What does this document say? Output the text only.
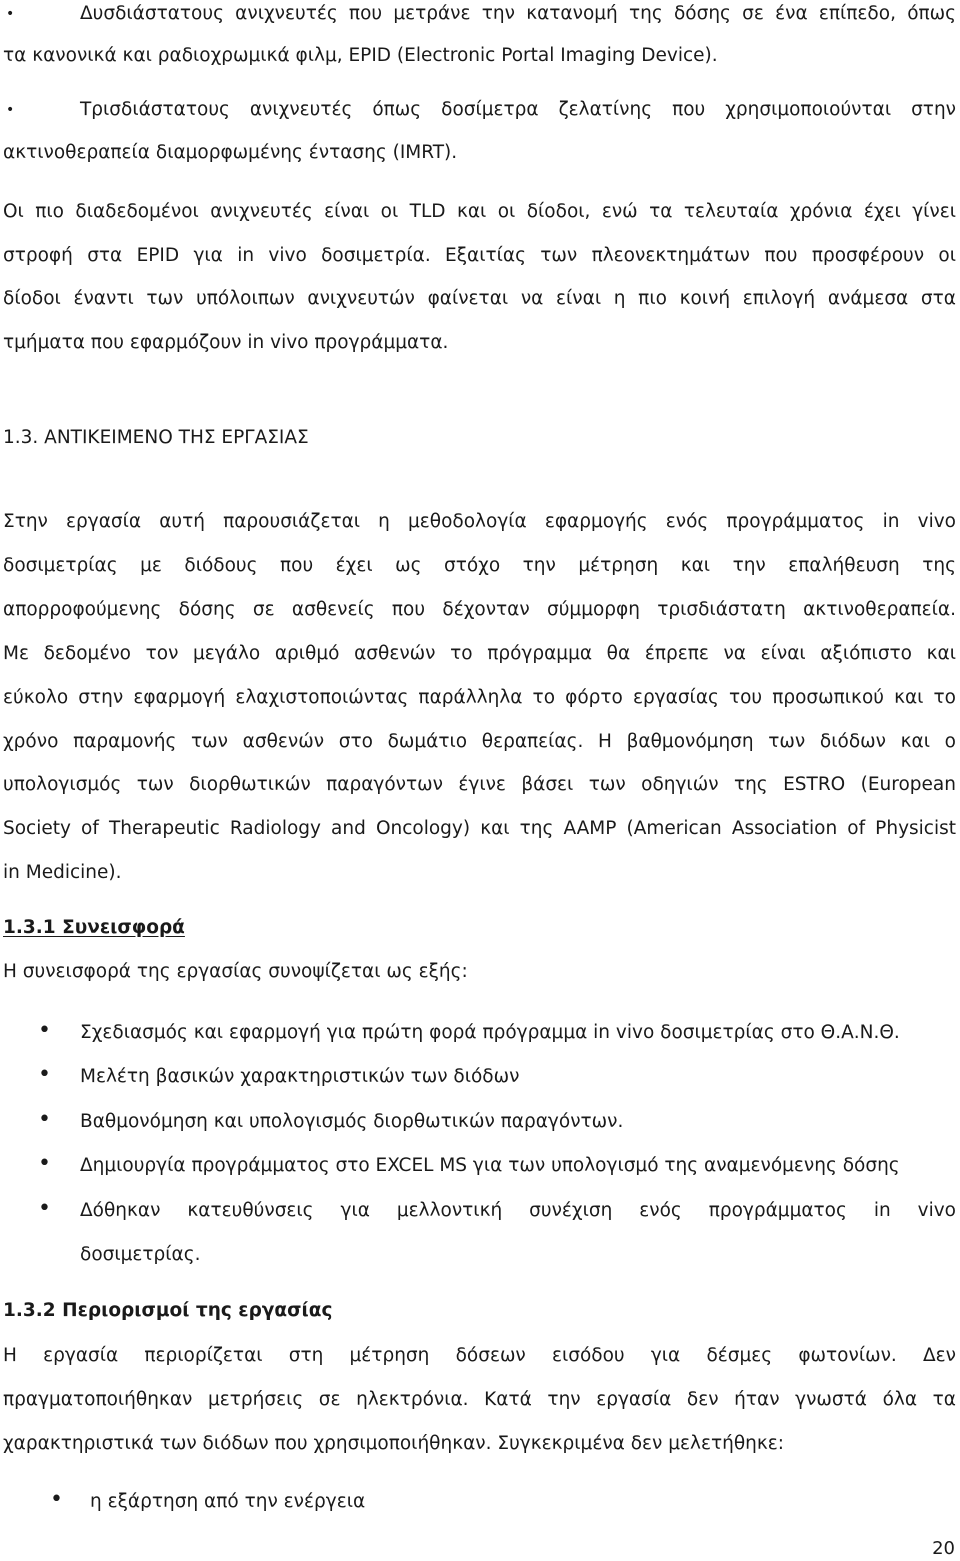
•	Δυσδιάστατους ανιχνευτές που μετράνε την κατανομή της δόσης σε ένα επίπεδο, όπως
τα κανονικά και ραδιοχρωμικά φιλμ, EPID (Electronic Portal Imaging Device).
•	Τρισδιάστατους ανιχνευτές όπως δοσίμετρα ζελατίνης που χρησιμοποιούνται στην
ακτινοθεραπεία διαμορφωμένης έντασης (IMRT).
Οι πιο διαδεδομένοι ανιχνευτές είναι οι TLD και οι δίοδοι, ενώ τα τελευταία χρόνια έχει γίνει
στροφή στα EPID για in vivo δοσιμετρία. Εξαιτίας των πλεονεκτημάτων που προσφέρουν οι
δίοδοι έναντι των υπόλοιπων ανιχνευτών φαίνεται να είναι η πιο κοινή επιλογή ανάμεσα στα
τμήματα που εφαρμόζουν in vivo προγράμματα.
1.3. ΑΝΤΙΚΕΙΜΕΝΟ ΤΗΣ ΕΡΓΑΣΙΑΣ
Στην εργασία αυτή παρουσιάζεται η μεθοδολογία εφαρμογής ενός προγράμματος in vivo
δοσιμετρίας με διόδους που έχει ως στόχο την μέτρηση και την επαλήθευση της
απορροφούμενης δόσης σε ασθενείς που δέχονταν σύμμορφη τρισδιάστατη ακτινοθεραπεία.
Με δεδομένο τον μεγάλο αριθμό ασθενών το πρόγραμμα θα έπρεπε να είναι αξιόπιστο και
εύκολο στην εφαρμογή ελαχιστοποιώντας παράλληλα το φόρτο εργασίας του προσωπικού και το
χρόνο παραμονής των ασθενών στο δωμάτιο θεραπείας. Η βαθμονόμηση των διόδων και ο
υπολογισμός των διορθωτικών παραγόντων έγινε βάσει των οδηγιών της ESTRO (European
Society of Therapeutic Radiology and Oncology) και της AAMP (American Association of Physicist
in Medicine).
1.3.1 Συνεισφορά
Η συνεισφορά της εργασίας συνοψίζεται ως εξής:
• Σχεδιασμός και εφαρμογή για πρώτη φορά πρόγραμμα in vivo δοσιμετρίας στο Θ.Α.Ν.Θ.
• Μελέτη βασικών χαρακτηριστικών των διόδων
• Βαθμονόμηση και υπολογισμός διορθωτικών παραγόντων.
• Δημιουργία προγράμματος στο EXCEL MS για των υπολογισμό της αναμενόμενης δόσης
• Δόθηκαν κατευθύνσεις για μελλοντική συνέχιση ενός προγράμματος in vivo
δοσιμετρίας.
1.3.2 Περιορισμοί της εργασίας
Η εργασία περιορίζεται στη μέτρηση δόσεων εισόδου για δέσμες φωτονίων. Δεν
πραγματοποιήθηκαν μετρήσεις σε ηλεκτρόνια. Κατά την εργασία δεν ήταν γνωστά όλα τα
χαρακτηριστικά των διόδων που χρησιμοποιήθηκαν. Συγκεκριμένα δεν μελετήθηκε:
• η εξάρτηση από την ενέργεια
20
